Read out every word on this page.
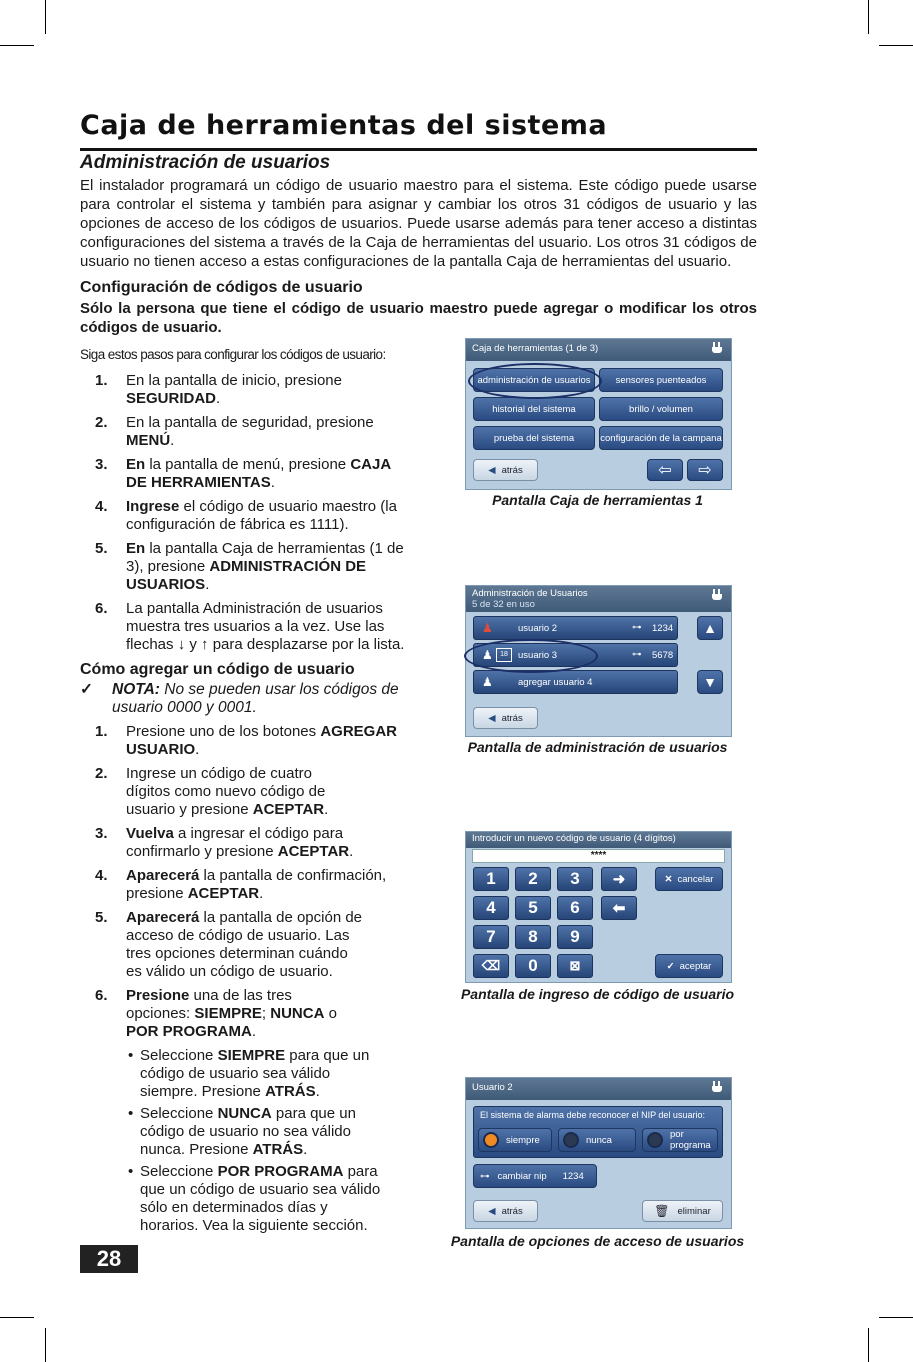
Caja de herramientas del sistema
Administración de usuarios

El instalador programará un código de usuario maestro para el sistema. Este código puede usarse para controlar el sistema y también para asignar y cambiar los otros 31 códigos de usuario y las opciones de acceso de los códigos de usuarios. Puede usarse además para tener acceso a distintas configuraciones del sistema a través de la Caja de herramientas del usuario. Los otros 31 códigos de usuario no tienen acceso a estas configuraciones de la pantalla Caja de herramientas del usuario.

Configuración de códigos de usuario

Sólo la persona que tiene el código de usuario maestro puede agregar o modificar los otros códigos de usuario.

Siga estos pasos para configurar los códigos de usuario:
1. En la pantalla de inicio, presione SEGURIDAD.
2. En la pantalla de seguridad, presione MENÚ.
3. En la pantalla de menú, presione CAJA DE HERRAMIENTAS.
4. Ingrese el código de usuario maestro (la configuración de fábrica es 1111).
5. En la pantalla Caja de herramientas (1 de 3), presione ADMINISTRACIÓN DE USUARIOS.
6. La pantalla Administración de usuarios muestra tres usuarios a la vez. Use las flechas ↓ y ↑ para desplazarse por la lista.
Cómo agregar un código de usuario
✓	NOTA: No se pueden usar los códigos de usuario 0000 y 0001.
1. Presione uno de los botones AGREGAR USUARIO.
2. Ingrese un código de cuatro dígitos como nuevo código de usuario y presione ACEPTAR.
3. Vuelva a ingresar el código para confirmarlo y presione ACEPTAR.
4. Aparecerá la pantalla de confirmación, presione ACEPTAR.
5. Aparecerá la pantalla de opción de acceso de código de usuario. Las tres opciones determinan cuándo es válido un código de usuario.
6. Presione una de las tres opciones: SIEMPRE; NUNCA o POR PROGRAMA.
• Seleccione SIEMPRE para que un código de usuario sea válido siempre. Presione ATRÁS.
• Seleccione NUNCA para que un código de usuario no sea válido nunca. Presione ATRÁS.
• Seleccione POR PROGRAMA para que un código de usuario sea válido sólo en determinados días y horarios. Vea la siguiente sección.
28
Caja de herramientas (1 de 3)
administración de usuarios	sensores puenteados
historial del sistema	brillo / volumen
prueba del sistema	configuración de la campana
◀ atrás	⇦ ⇨
Pantalla Caja de herramientas 1
Administración de Usuarios
5 de 32 en uso
♟	usuario 2	⊶ 1234
♟	18	usuario 3	⊶ 5678
♟	agregar usuario 4
▲
▼
◀ atrás
Pantalla de administración de usuarios
Introducir un nuevo código de usuario (4 dígitos)
****
1	2	3	➜
4	5	6	⬅
7	8	9
⌫	0	⊠
✕ cancelar
✓ aceptar
Pantalla de ingreso de código de usuario
Usuario 2
El sistema de alarma debe reconocer el NIP del usuario:
siempre	nunca	por programa
⊶ cambiar nip 1234
◀ atrás	🗑 eliminar
Pantalla de opciones de acceso de usuarios
